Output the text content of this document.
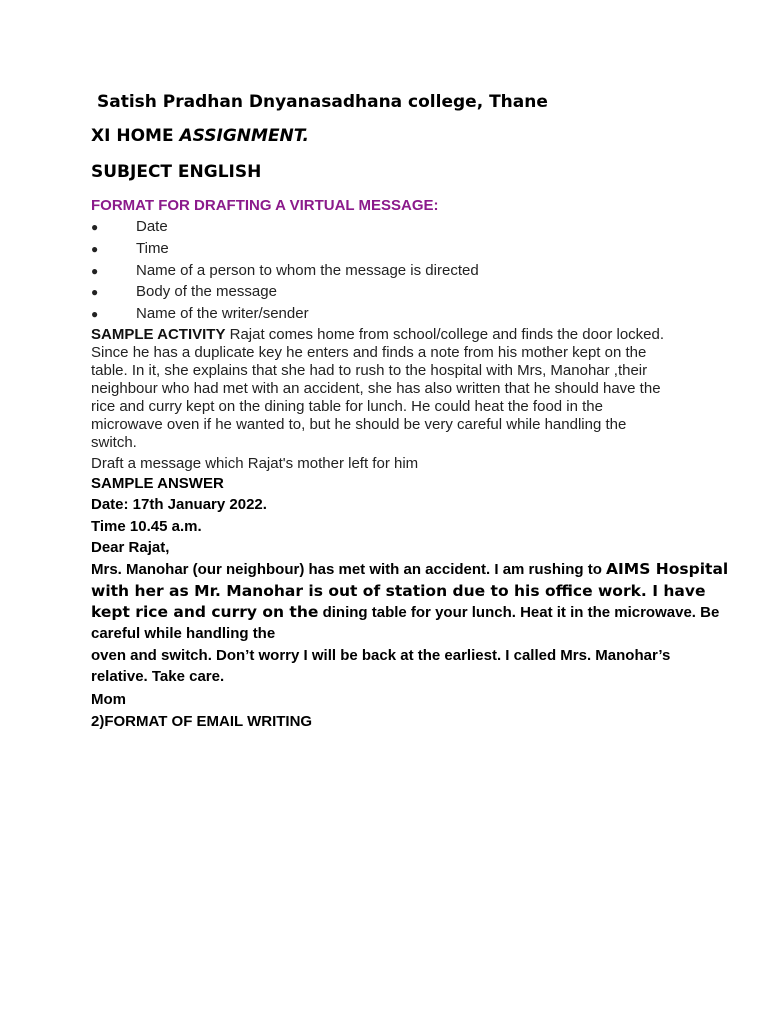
Satish Pradhan Dnyanasadhana college, Thane
XI HOME ASSIGNMENT.
SUBJECT ENGLISH
FORMAT FOR DRAFTING A VIRTUAL MESSAGE:
●	Date
●	Time
●	Name of a person to whom the message is directed
●	Body of the message
●	Name of the writer/sender
SAMPLE ACTIVITY Rajat comes home from school/college and finds the door locked.
Since he has a duplicate key he enters and finds a note from his mother kept on the
table. In it, she explains that she had to rush to the hospital with Mrs, Manohar ,their
neighbour who had met with an accident, she has also written that he should have the
rice and curry kept on the dining table for lunch. He could heat the food in the
microwave oven if he wanted to, but he should be very careful while handling the
switch.
Draft a message which Rajat's mother left for him
SAMPLE ANSWER
Date: 17th January 2022.
Time 10.45 a.m.
Dear Rajat,
Mrs. Manohar (our neighbour) has met with an accident. I am rushing to AIMS Hospital with her as Mr. Manohar is out of station due to his office work. I have kept rice and curry on the dining table for your lunch. Heat it in the microwave. Be careful while handling the
oven and switch. Don’t worry I will be back at the earliest. I called Mrs. Manohar’s
relative. Take care.
Mom
2)FORMAT OF EMAIL WRITING
